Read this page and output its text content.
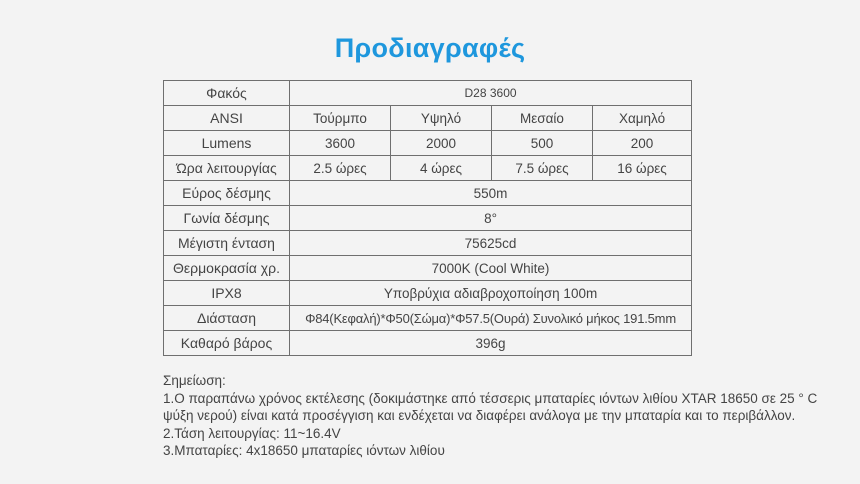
Προδιαγραφές
Φακός	D28 3600			
ANSI	Τούρμπο	Υψηλό	Μεσαίο	Χαμηλό
Lumens	3600	2000	500	200
Ώρα λειτουργίας	2.5 ώρες	4 ώρες	7.5 ώρες	16 ώρες
Εύρος δέσμης	550m			
Γωνία δέσμης	8°			
Μέγιστη ένταση	75625cd			
Θερμοκρασία χρ.	7000K (Cool White)			
IPX8	Υποβρύχια αδιαβροχοποίηση 100m			
Διάσταση	Φ84(Κεφαλή)*Φ50(Σώμα)*Φ57.5(Ουρά) Συνολικό μήκος 191.5mm			
Καθαρό βάρος	396g			
Σημείωση:
1.Ο παραπάνω χρόνος εκτέλεσης (δοκιμάστηκε από τέσσερις μπαταρίες ιόντων λιθίου XTAR 18650 σε 25 ° C
ψύξη νερού) είναι κατά προσέγγιση και ενδέχεται να διαφέρει ανάλογα με την μπαταρία και το περιβάλλον.
2.Τάση λειτουργίας: 11~16.4V
3.Μπαταρίες: 4x18650 μπαταρίες ιόντων λιθίου
